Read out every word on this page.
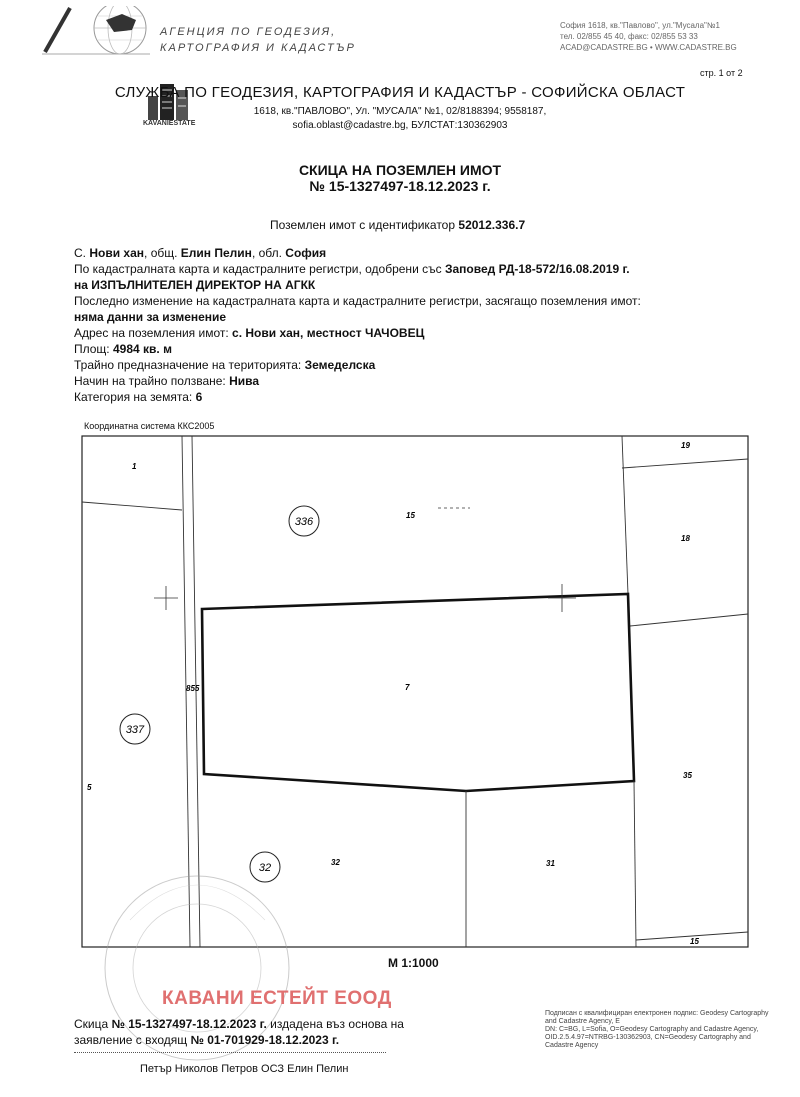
АГЕНЦИЯ ПО ГЕОДЕЗИЯ,
КАРТОГРАФИЯ И КАДАСТЪР
София 1618, кв."Павлово", ул."Мусала"№1
тел. 02/855 45 40, факс: 02/855 53 33
ACAD@CADASTRE.BG • WWW.CADASTRE.BG
стр. 1 от 2
KAVANIESTATE
СЛУЖБА ПО ГЕОДЕЗИЯ, КАРТОГРАФИЯ И КАДАСТЪР - СОФИЙСКА ОБЛАСТ
1618, кв."ПАВЛОВО", Ул. "МУСАЛА" №1, 02/8188394; 9558187,
sofia.oblast@cadastre.bg, БУЛСТАТ:130362903
СКИЦА НА ПОЗЕМЛЕН ИМОТ
№ 15-1327497-18.12.2023 г.
Поземлен имот с идентификатор 52012.336.7
С. Нови хан, общ. Елин Пелин, обл. София
По кадастралната карта и кадастралните регистри, одобрени със Заповед РД-18-572/16.08.2019 г.
на ИЗПЪЛНИТЕЛЕН ДИРЕКТОР НА АГКК
Последно изменение на кадастралната карта и кадастралните регистри, засягащо поземления имот:
няма данни за изменение
Адрес на поземления имот: с. Нови хан, местност ЧАЧОВЕЦ
Площ: 4984 кв. м
Трайно предназначение на територията: Земеделска
Начин на трайно ползване: Нива
Категория на земята: 6
Координатна система ККС2005
336
337
32
1
15
19
18
7
855
5
35
32	31
15
М 1:1000
КАВАНИ ЕСТЕЙТ ЕООД
Скица № 15-1327497-18.12.2023 г. издадена въз основа на
заявление с входящ № 01-701929-18.12.2023 г.
Петър Николов Петров ОСЗ Елин Пелин
Подписан с квалифициран електронен подпис: Geodesy Cartography
and Cadastre Agency, E
DN: C=BG, L=Sofia, O=Geodesy Cartography and Cadastre Agency,
OID.2.5.4.97=NTRBG-130362903, CN=Geodesy Cartography and
Cadastre Agency
